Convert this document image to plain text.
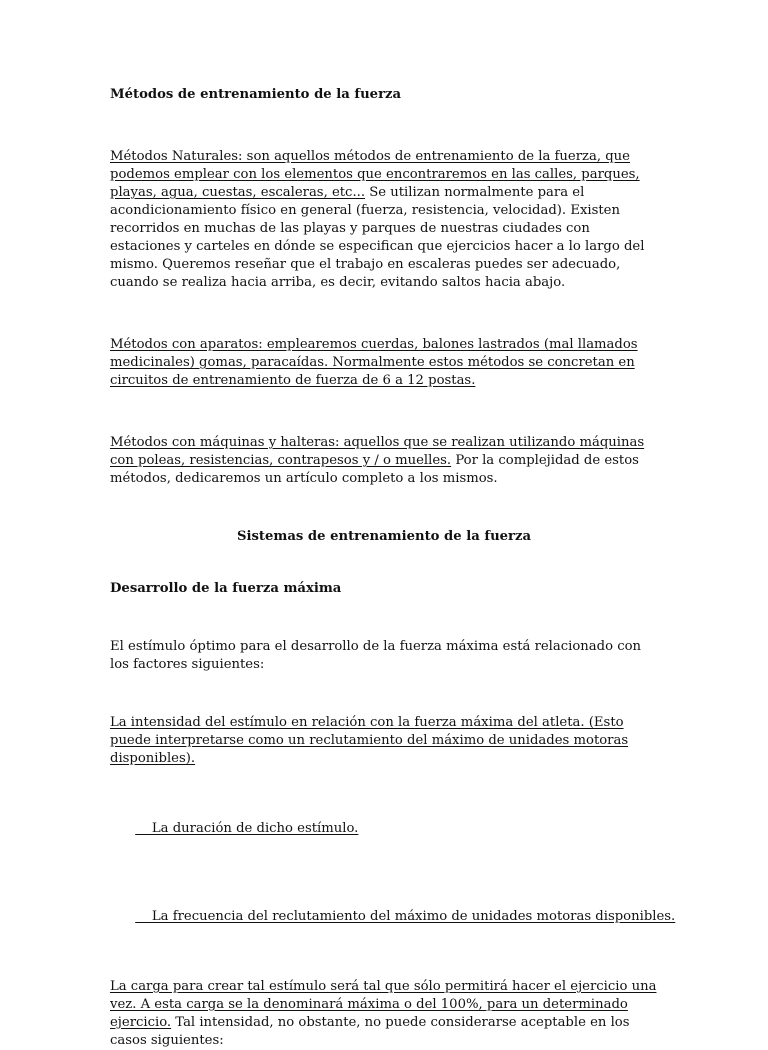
Métodos de entrenamiento de la fuerza

Métodos Naturales: son aquellos métodos de entrenamiento de la fuerza, que podemos emplear con los elementos que encontraremos en las calles, parques, playas, agua, cuestas, escaleras, etc... Se utilizan normalmente para el acondicionamiento físico en general (fuerza, resistencia, velocidad). Existen recorridos en muchas de las playas y parques de nuestras ciudades con estaciones y carteles en dónde se especifican que ejercicios hacer a lo largo del mismo. Queremos reseñar que el trabajo en escaleras puedes ser adecuado, cuando se realiza hacia arriba, es decir, evitando saltos hacia abajo.

Métodos con aparatos: emplearemos cuerdas, balones lastrados (mal llamados medicinales) gomas, paracaídas. Normalmente estos métodos se concretan en circuitos de entrenamiento de fuerza de 6 a 12 postas.

Métodos con máquinas y halteras: aquellos que se realizan utilizando máquinas con poleas, resistencias, contrapesos y / o muelles. Por la complejidad de estos métodos, dedicaremos un artículo completo a los mismos.

Sistemas de entrenamiento de la fuerza

Desarrollo de la fuerza máxima

El estímulo óptimo para el desarrollo de la fuerza máxima está relacionado con los factores siguientes:

La intensidad del estímulo en relación con la fuerza máxima del atleta. (Esto puede interpretarse como un reclutamiento del máximo de unidades motoras disponibles).

La duración de dicho estímulo.

La frecuencia del reclutamiento del máximo de unidades motoras disponibles.

La carga para crear tal estímulo será tal que sólo permitirá hacer el ejercicio una vez. A esta carga se la denominará máxima o del 100%, para un determinado ejercicio. Tal intensidad, no obstante, no puede considerarse aceptable en los casos siguientes:
